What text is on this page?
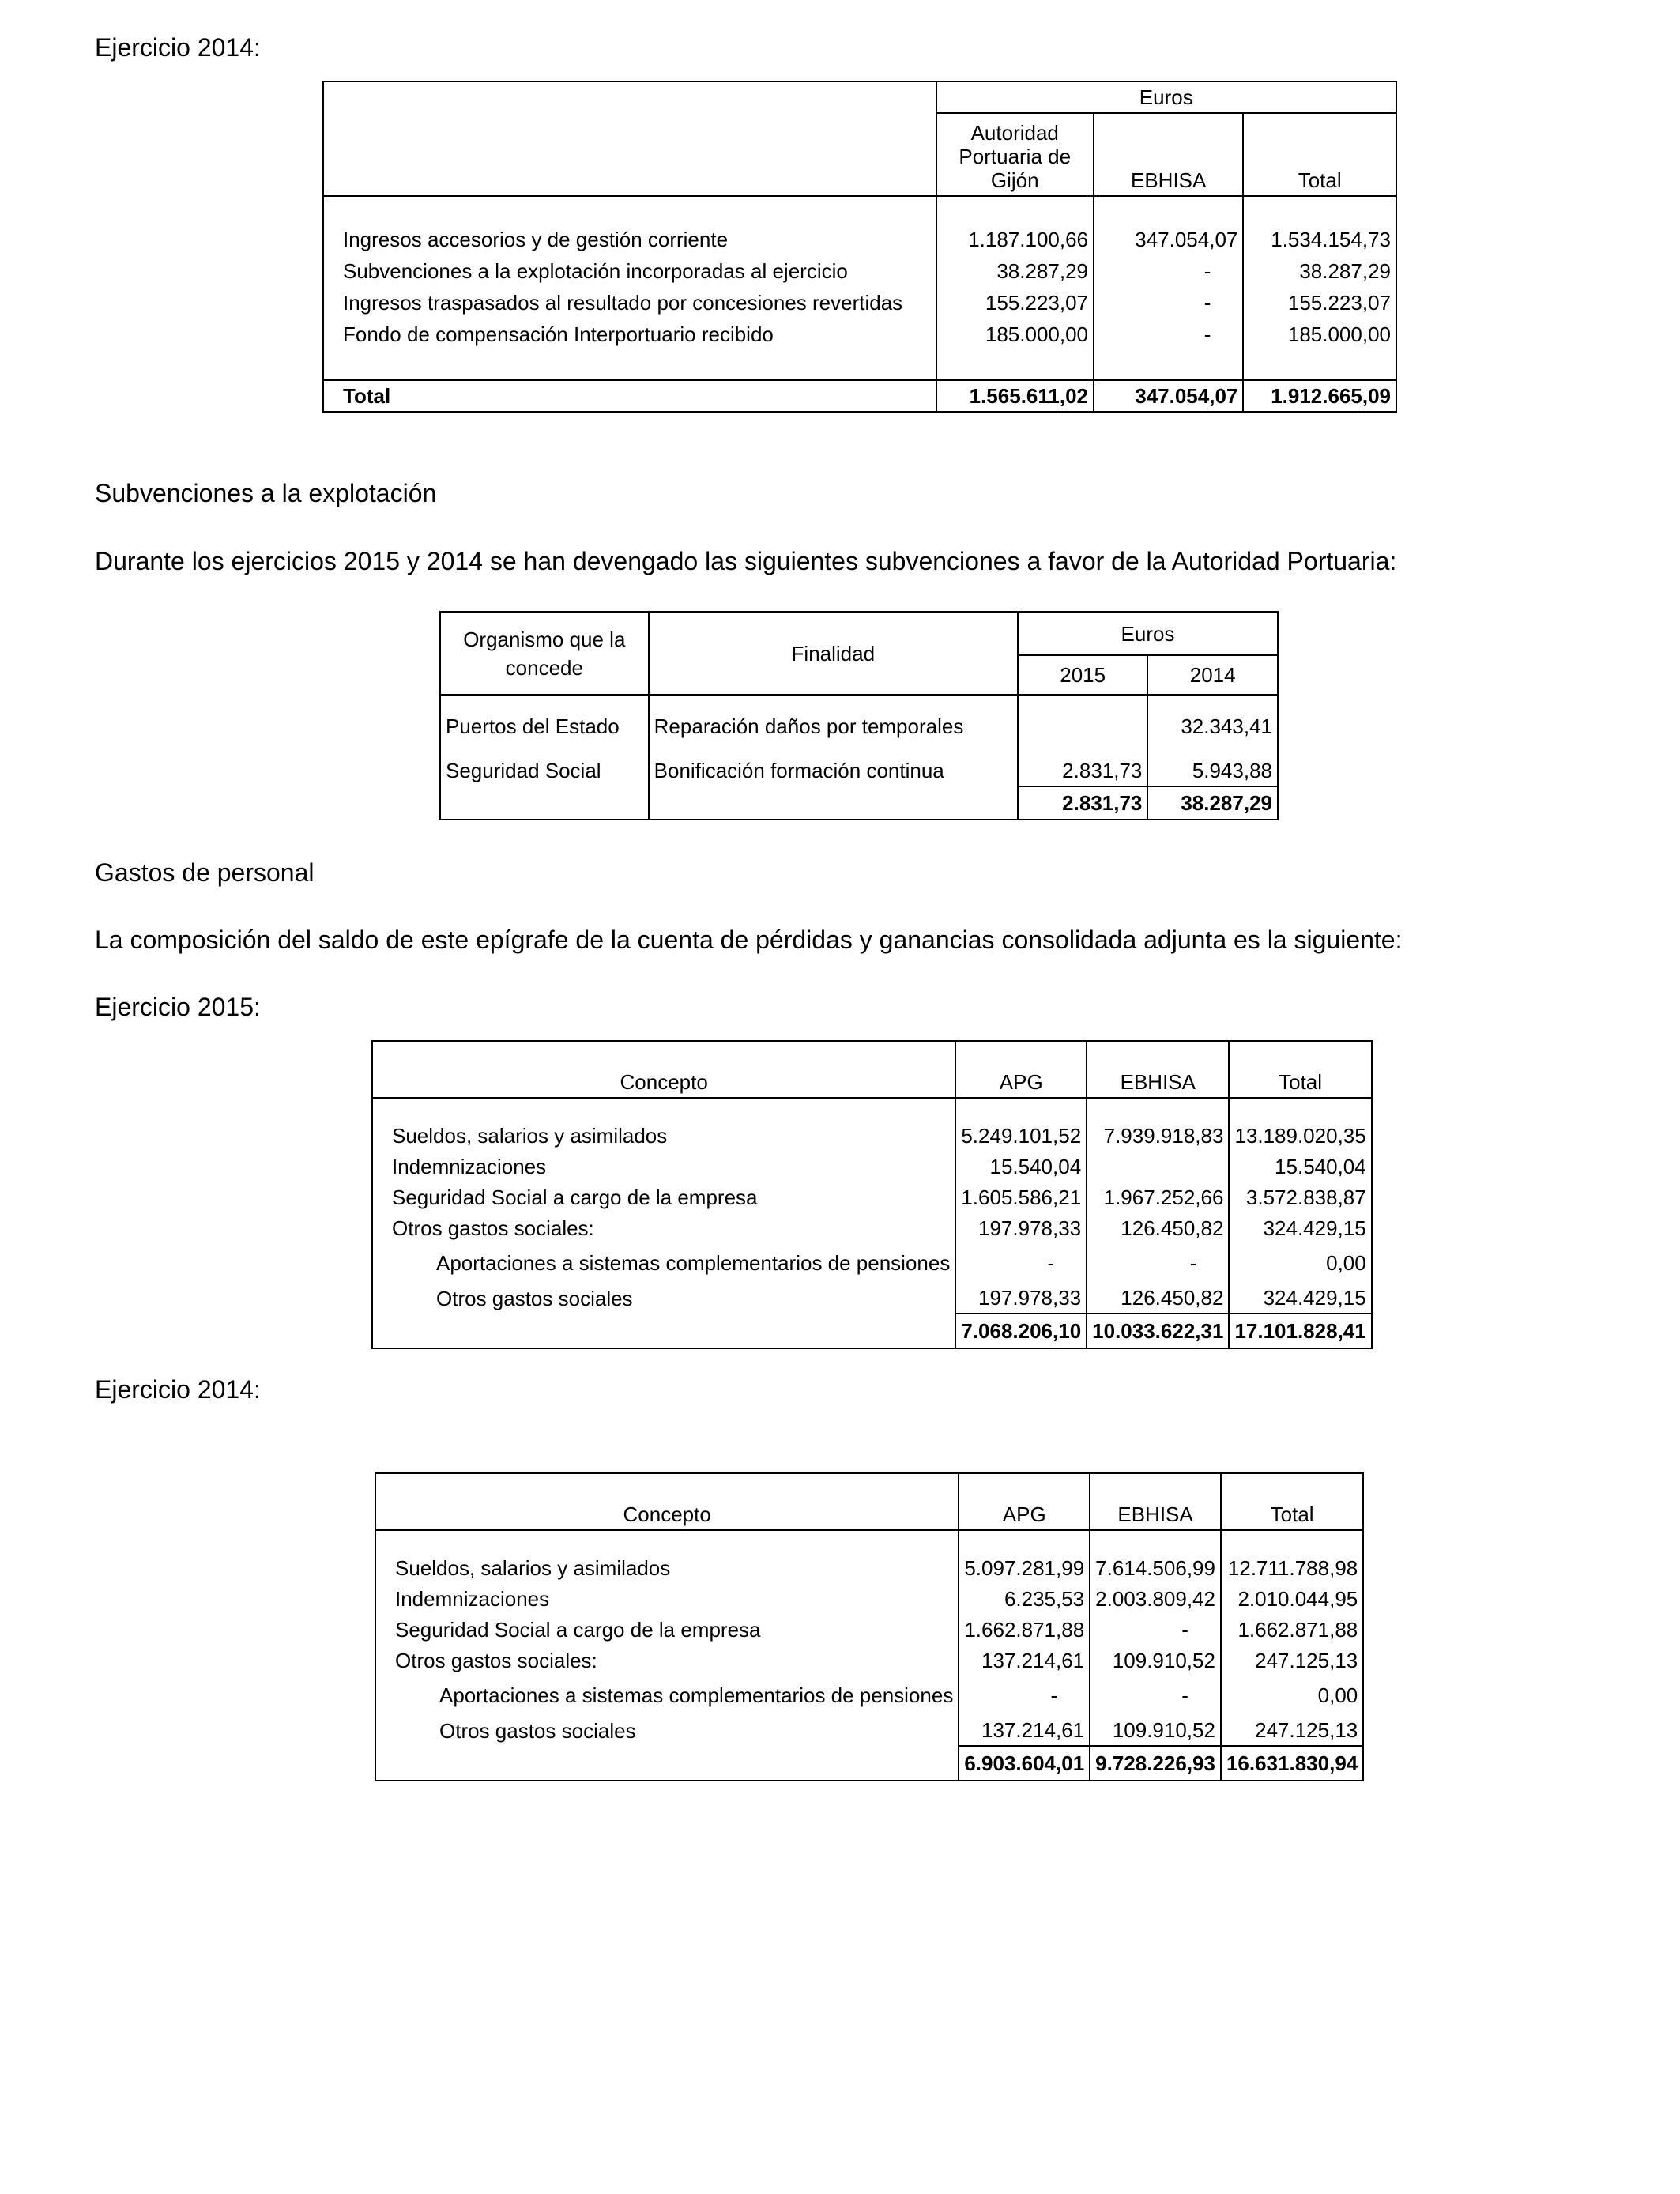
Ejercicio 2014:
	Euros		

	Autoridad
Portuaria de
Gijón	EBHISA	Total

Ingresos accesorios y de gestión corriente	1.187.100,66	347.054,07	1.534.154,73
Subvenciones a la explotación incorporadas al ejercicio	38.287,29	-	38.287,29
Ingresos traspasados al resultado por concesiones revertidas	155.223,07	-	155.223,07
Fondo de compensación Interportuario recibido	185.000,00	-	185.000,00

Total	1.565.611,02	347.054,07	1.912.665,09
Subvenciones a la explotación
Durante los ejercicios 2015 y 2014 se han devengado las siguientes subvenciones a favor de la Autoridad Portuaria:
Organismo que la
concede	Finalidad	Euros	
		2015	2014

Puertos del Estado	Reparación daños por temporales		32.343,41

Seguridad Social	Bonificación formación continua	2.831,73	5.943,88
		2.831,73	38.287,29
Gastos de personal
La composición del saldo de este epígrafe de la cuenta de pérdidas y ganancias consolidada adjunta es la siguiente:
Ejercicio 2015:
Concepto	APG	EBHISA	Total

Sueldos, salarios y asimilados	5.249.101,52	7.939.918,83	13.189.020,35
Indemnizaciones	15.540,04		15.540,04
Seguridad Social a cargo de la empresa	1.605.586,21	1.967.252,66	3.572.838,87
Otros gastos sociales:	197.978,33	126.450,82	324.429,15
Aportaciones a sistemas complementarios de pensiones	-	-	0,00
Otros gastos sociales	197.978,33	126.450,82	324.429,15
	7.068.206,10	10.033.622,31	17.101.828,41
Ejercicio 2014:
Concepto	APG	EBHISA	Total

Sueldos, salarios y asimilados	5.097.281,99	7.614.506,99	12.711.788,98
Indemnizaciones	6.235,53	2.003.809,42	2.010.044,95
Seguridad Social a cargo de la empresa	1.662.871,88	-	1.662.871,88
Otros gastos sociales:	137.214,61	109.910,52	247.125,13
Aportaciones a sistemas complementarios de pensiones	-	-	0,00
Otros gastos sociales	137.214,61	109.910,52	247.125,13
	6.903.604,01	9.728.226,93	16.631.830,94
